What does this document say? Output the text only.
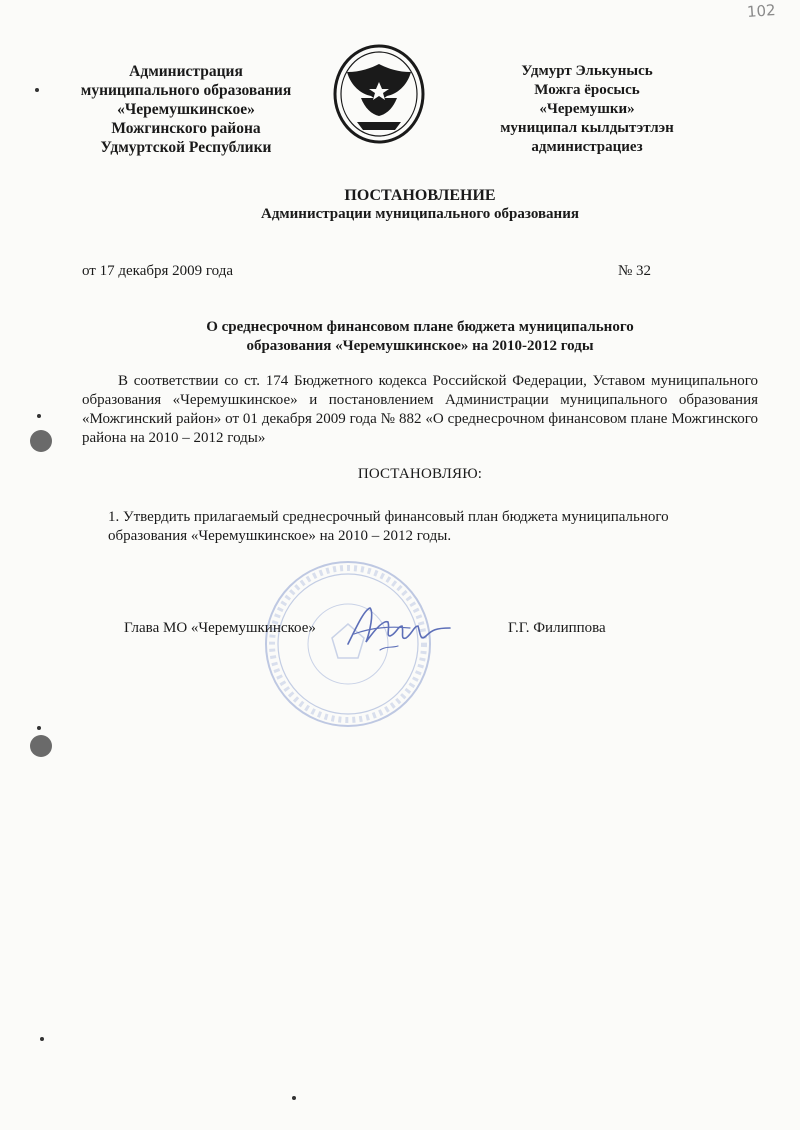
102
Администрация
муниципального образования
«Черемушкинское»
Можгинского района
Удмуртской Республики
Удмурт Элькунысь
Можга ёросысь
«Черемушки»
муниципал кылдытэтлэн
администрациез
ПОСТАНОВЛЕНИЕ
Администрации муниципального образования
от 17 декабря 2009 года	№ 32
О среднесрочном финансовом плане бюджета муниципального
образования «Черемушкинское» на 2010-2012 годы
В соответствии со ст. 174 Бюджетного кодекса Российской Федерации, Уставом муниципального образования «Черемушкинское» и постановлением Администрации муниципального образования «Можгинский район» от 01 декабря 2009 года № 882 «О среднесрочном финансовом плане Можгинского района на 2010 – 2012 годы»
ПОСТАНОВЛЯЮ:
1. Утвердить прилагаемый среднесрочный финансовый план бюджета муниципального образования «Черемушкинское» на 2010 – 2012 годы.
Глава МО «Черемушкинское»	Г.Г. Филиппова
